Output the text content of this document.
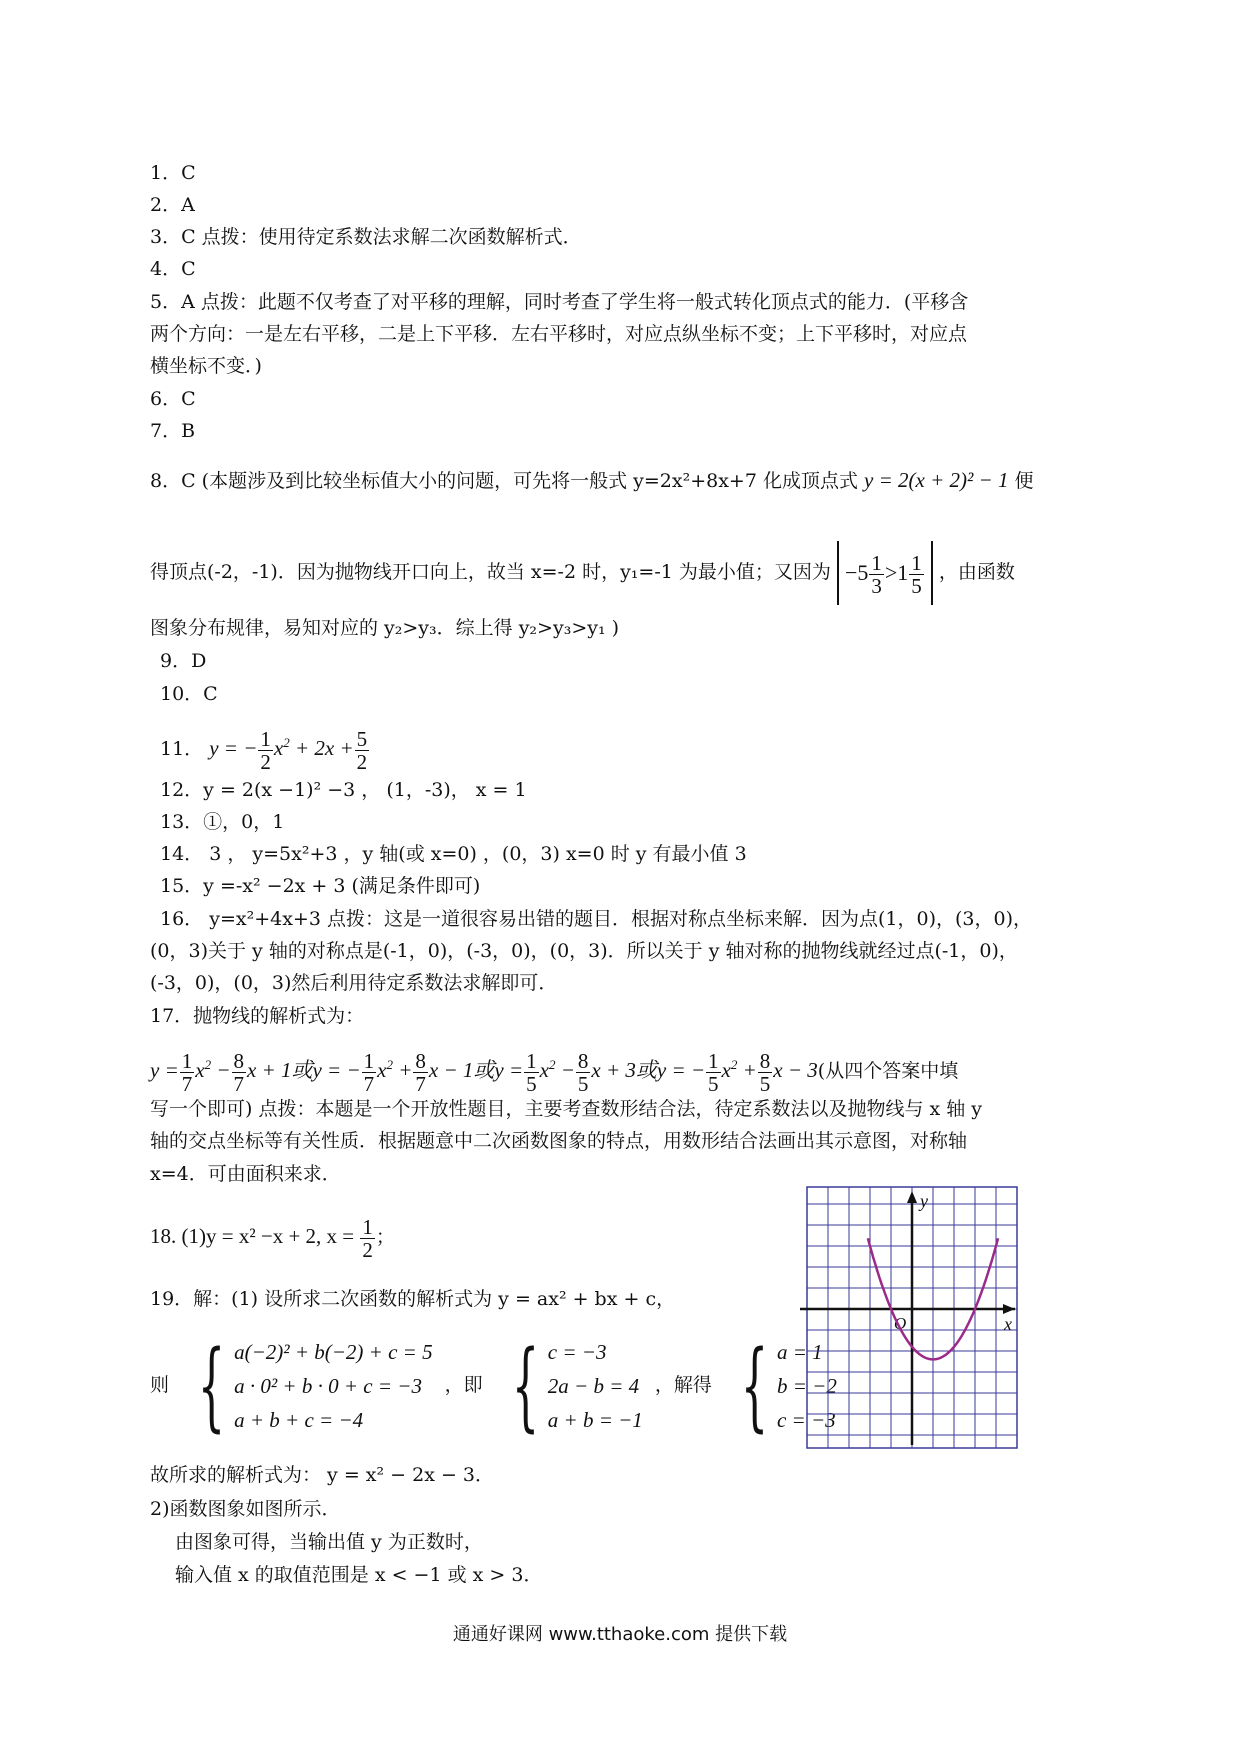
1．C
2．A
3．C 点拨：使用待定系数法求解二次函数解析式．
4．C
5．A 点拨：此题不仅考查了对平移的理解，同时考查了学生将一般式转化顶点式的能力．(平移含
两个方向：一是左右平移，二是上下平移．左右平移时，对应点纵坐标不变；上下平移时，对应点
横坐标不变．)
6．C
7．B
8．C (本题涉及到比较坐标值大小的问题，可先将一般式 y=2x²+8x+7 化成顶点式 y = 2(x + 2)² − 1 便
得顶点(-2，-1)．因为抛物线开口向上，故当 x=-2 时，y₁=-1 为最小值；又因为 $-5 \frac{1}{3} >1 \frac{1}{5}$ ，由函数
图象分布规律，易知对应的 y₂>y₃．综上得 y₂>y₃>y₁ )
9．D
10．C
11． y = − $\frac{1}{2} x^2 + 2x + \frac{5}{2}$
12．y = 2(x −1)² −3 ， (1，-3)， x = 1
13．①，0，1
14． 3 ， y=5x²+3 ，y 轴(或 x=0) ，(0，3) x=0 时 y 有最小值 3
15．y =-x² −2x + 3 (满足条件即可)
16． y=x²+4x+3 点拨：这是一道很容易出错的题目．根据对称点坐标来解．因为点(1，0)，(3，0)，
(0，3)关于 y 轴的对称点是(-1，0)，(-3，0)，(0，3)．所以关于 y 轴对称的抛物线就经过点(-1，0)，
(-3，0)，(0，3)然后利用待定系数法求解即可．
17．抛物线的解析式为：
$y = \frac{1}{7} x^2 - \frac{8}{7}$ x + 1或y = − $\frac{1}{7} x^2 + \frac{8}{7}$ x − 1或$y = \frac{1}{5} x^2 - \frac{8}{5}$ x + 3或y = − $\frac{1}{5} x^2 + \frac{8}{5}$ x − 3(从四个答案中填
写一个即可) 点拨：本题是一个开放性题目，主要考查数形结合法，待定系数法以及抛物线与 x 轴 y
轴的交点坐标等有关性质．根据题意中二次函数图象的特点，用数形结合法画出其示意图，对称轴
x=4．可由面积来求．
18. (1)y = x² −x + 2, $x = \frac{1}{2}$ ；
19．解：(1) 设所求二次函数的解析式为 y = ax² + bx + c，
则 { a(−2)² + b(−2) + c = 5
a · 0² + b · 0 + c = −3
a + b + c = −4
，即 { c = −3
2a − b = 4
a + b = −1
，解得 { a = 1
b = −2
c = −3
故所求的解析式为： y = x² − 2x − 3．
2)函数图象如图所示．
由图象可得，当输出值 y 为正数时，
输入值 x 的取值范围是 x < −1 或 x > 3．
y
x
O
通通好课网 www.tthaoke.com 提供下载
